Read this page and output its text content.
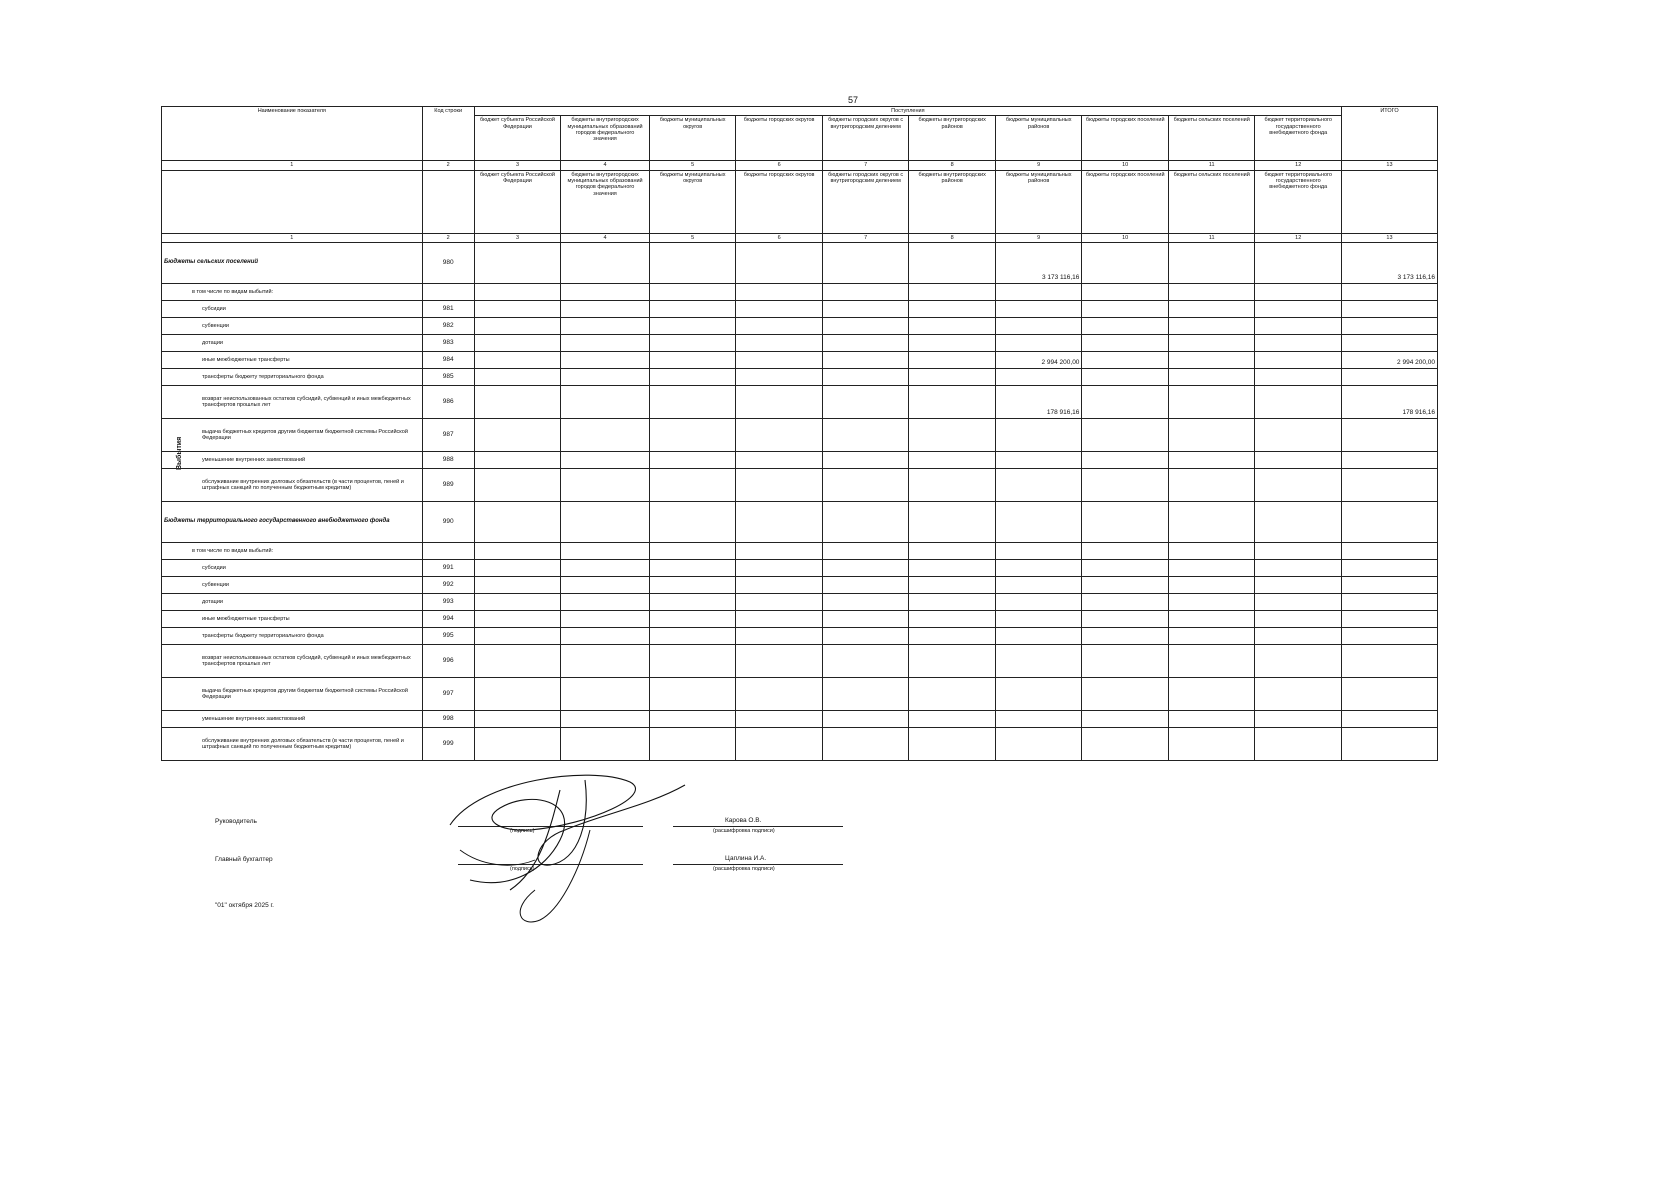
57
Выбытия
Наименование показателя	Код строки	Поступления										ИТОГО
		бюджет субъекта Российской Федерации	бюджеты внутригородских муниципальных образований городов федерального значения	бюджеты муниципальных округов	бюджеты городских округов	бюджеты городских округов с внутригородским делением	бюджеты внутригородских районов	бюджеты муниципальных районов	бюджеты городских поселений	бюджеты сельских поселений	бюджет территориального государственного внебюджетного фонда	
1	2	3	4	5	6	7	8	9	10	11	12	13
		бюджет субъекта Российской Федерации	бюджеты внутригородских муниципальных образований городов федерального значения	бюджеты муниципальных округов	бюджеты городских округов	бюджеты городских округов с внутригородским делением	бюджеты внутригородских районов	бюджеты муниципальных районов	бюджеты городских поселений	бюджеты сельских поселений	бюджет территориального государственного внебюджетного фонда	
1	2	3	4	5	6	7	8	9	10	11	12	13
Бюджеты сельских поселений	980							3 173 116,16				3 173 116,16
в том числе по видам выбытий:												
субсидии	981											
субвенции	982											
дотации	983											
иные межбюджетные трансферты	984							2 994 200,00				2 994 200,00
трансферты бюджету территориального фонда	985											
возврат неиспользованных остатков субсидий, субвенций и иных межбюджетных трансфертов прошлых лет	986							178 916,16				178 916,16
выдача бюджетных кредитов другим бюджетам бюджетной системы Российской Федерации	987											
уменьшение внутренних заимствований	988											
обслуживание внутренних долговых обязательств (в части процентов, пеней и штрафных санкций по полученным бюджетным кредитам)	989											
Бюджеты территориального государственного внебюджетного фонда	990											
в том числе по видам выбытий:												
субсидии	991											
субвенции	992											
дотации	993											
иные межбюджетные трансферты	994											
трансферты бюджету территориального фонда	995											
возврат неиспользованных остатков субсидий, субвенций и иных межбюджетных трансфертов прошлых лет	996											
выдача бюджетных кредитов другим бюджетам бюджетной системы Российской Федерации	997											
уменьшение внутренних заимствований	998											
обслуживание внутренних долговых обязательств (в части процентов, пеней и штрафных санкций по полученным бюджетным кредитам)	999											
Руководитель
(подпись)
Карова О.В.
(расшифровка подписи)
Главный бухгалтер
(подпись)
Цаплина И.А.
(расшифровка подписи)
"01" октября 2025 г.
